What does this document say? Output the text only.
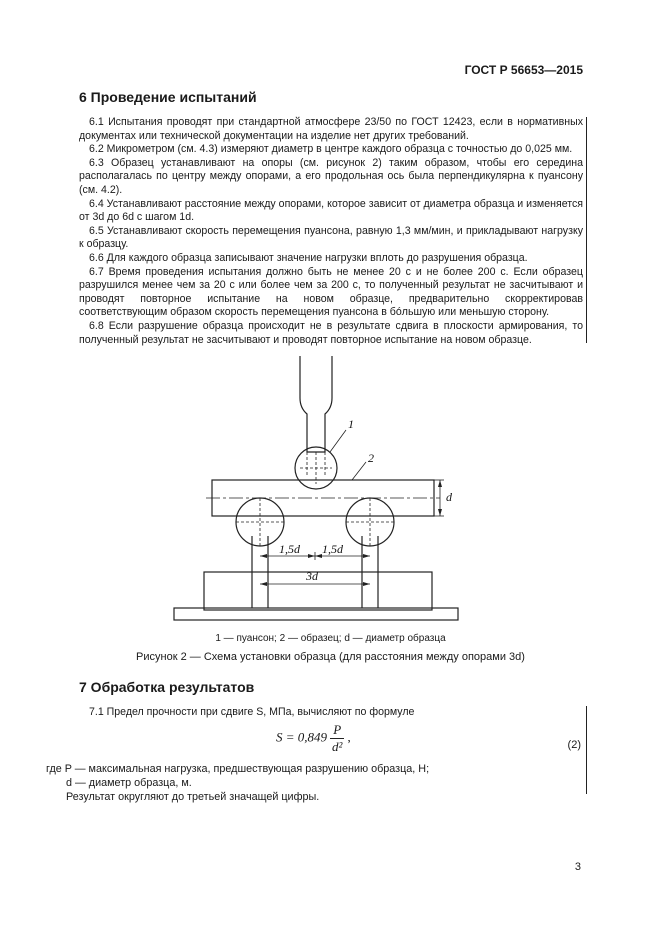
ГОСТ Р 56653—2015
6 Проведение испытаний

6.1 Испытания проводят при стандартной атмосфере 23/50 по ГОСТ 12423, если в нормативных документах или технической документации на изделие нет других требований.

6.2 Микрометром (см. 4.3) измеряют диаметр в центре каждого образца с точностью до 0,025 мм.

6.3 Образец устанавливают на опоры (см. рисунок 2) таким образом, чтобы его середина располагалась по центру между опорами, а его продольная ось была перпендикулярна к пуансону (см. 4.2).

6.4 Устанавливают расстояние между опорами, которое зависит от диаметра образца и изменяется от 3d до 6d с шагом 1d.

6.5 Устанавливают скорость перемещения пуансона, равную 1,3 мм/мин, и прикладывают нагрузку к образцу.

6.6 Для каждого образца записывают значение нагрузки вплоть до разрушения образца.

6.7 Время проведения испытания должно быть не менее 20 с и не более 200 с. Если образец разрушился менее чем за 20 с или более чем за 200 с, то полученный результат не засчитывают и проводят повторное испытание на новом образце, предварительно скорректировав соответствующим образом скорость перемещения пуансона в бóльшую или меньшую сторону.

6.8 Если разрушение образца происходит не в результате сдвига в плоскости армирования, то полученный результат не засчитывают и проводят повторное испытание на новом образце.

1
2
d
1,5d 1,5d
3d
1 — пуансон; 2 — образец; d — диаметр образца
Рисунок 2 — Схема установки образца (для расстояния между опорами 3d)
7 Обработка результатов

7.1 Предел прочности при сдвиге S, МПа, вычисляют по формуле

$S = 0,849 \frac{P}{\text{d²}}$ ,
(2)
где P — максимальная нагрузка, предшествующая разрушению образца, Н;
d — диаметр образца, м.
Результат округляют до третьей значащей цифры.
3
